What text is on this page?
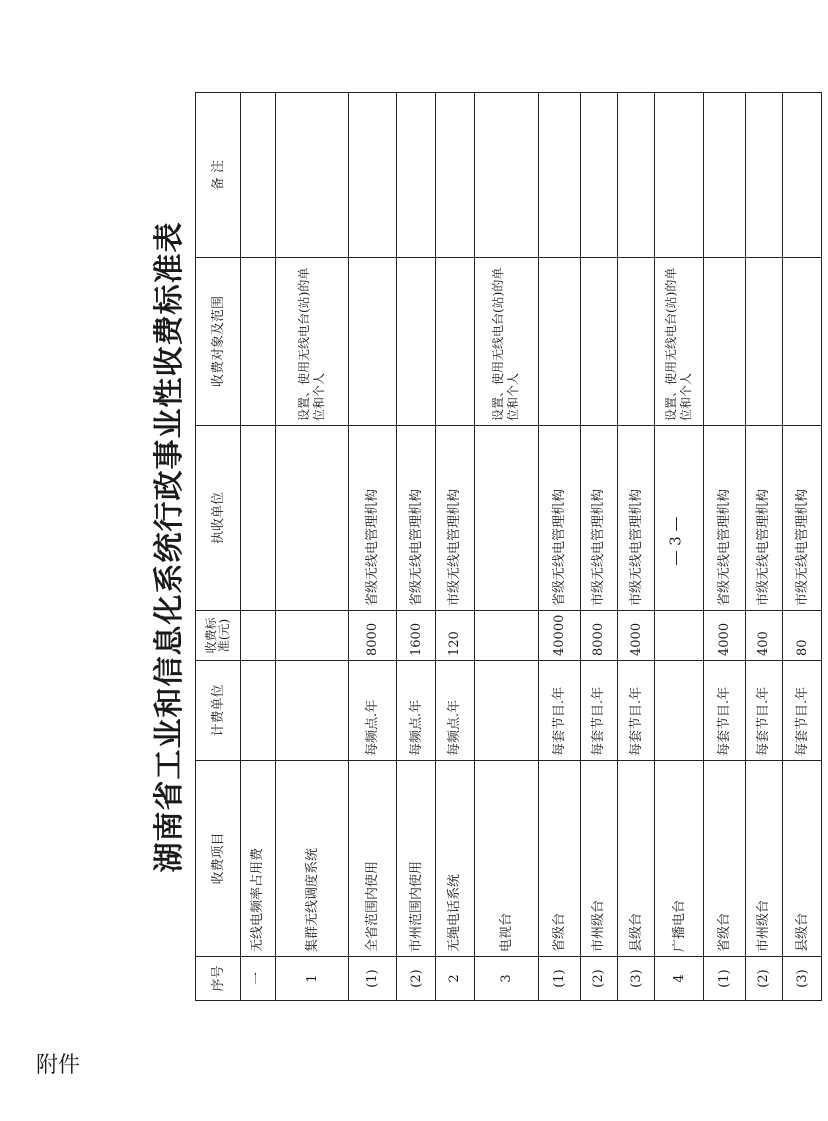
湖南省工业和信息化系统行政事业性收费标准表
序号	收费项目	计费单位	收费标准(元)	执收单位	收费对象及范围	备 注
一	无线电频率占用费					
1	集群无线调度系统				设置、使用无线电台(站)的单位和个人	
(1)	全省范围内使用	每频点.年	8000	省级无线电管理机构		
(2)	市州范围内使用	每频点.年	1600	省级无线电管理机构		
2	无绳电话系统	每频点.年	120	市级无线电管理机构		
3	电视台				设置、使用无线电台(站)的单位和个人	
(1)	省级台	每套节目.年	40000	省级无线电管理机构		
(2)	市州级台	每套节目.年	8000	市级无线电管理机构		
(3)	县级台	每套节目.年	4000	市级无线电管理机构		
4	广播电台				设置、使用无线电台(站)的单位和个人	
(1)	省级台	每套节目.年	4000	省级无线电管理机构		
(2)	市州级台	每套节目.年	400	市级无线电管理机构		
(3)	县级台	每套节目.年	80	市级无线电管理机构		
附件
— 3 —
